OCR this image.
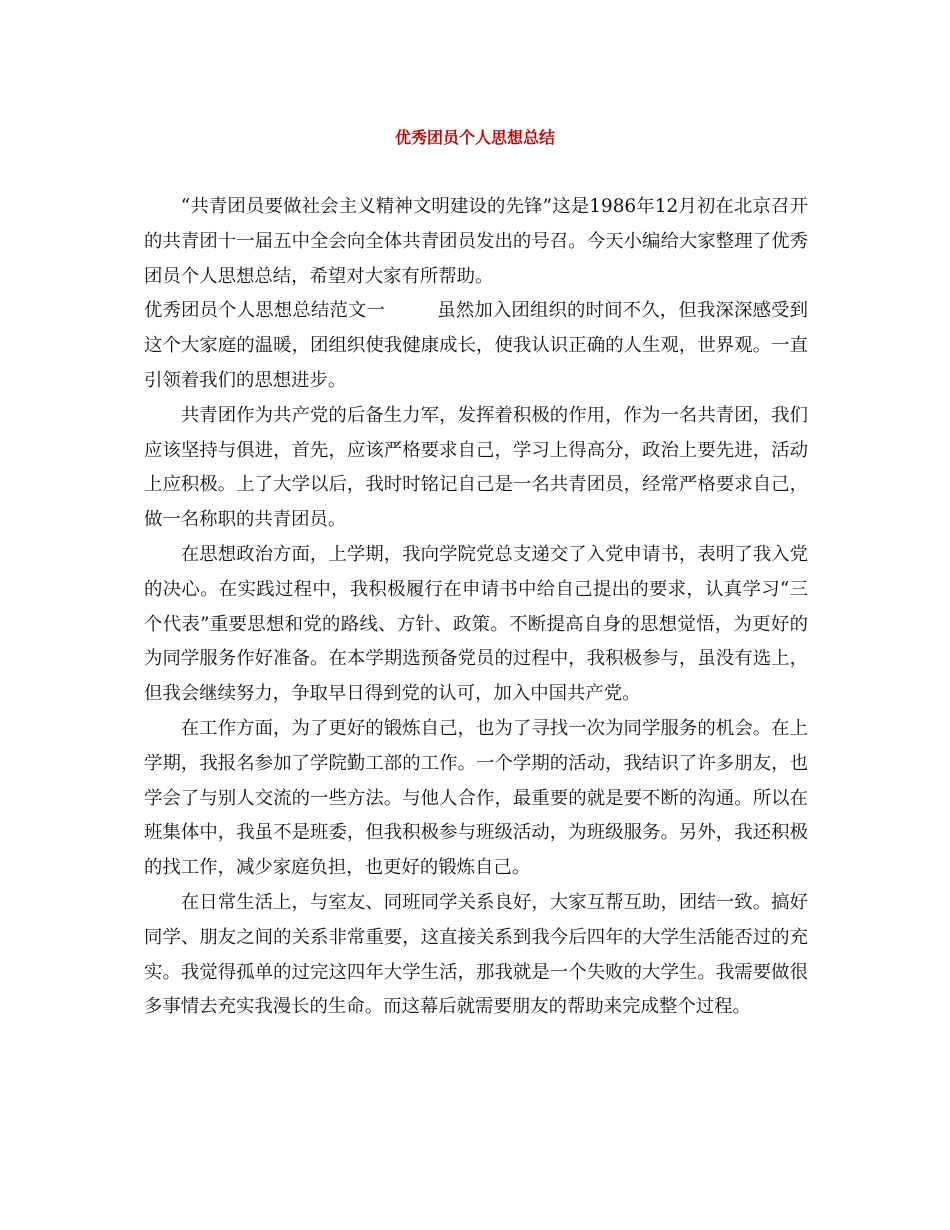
优秀团员个人思想总结

“共青团员要做社会主义精神文明建设的先锋”这是1986年12月初在北京召开的共青团十一届五中全会向全体共青团员发出的号召。今天小编给大家整理了优秀团员个人思想总结，希望对大家有所帮助。

优秀团员个人思想总结范文一	虽然加入团组织的时间不久，但我深深感受到这个大家庭的温暖，团组织使我健康成长，使我认识正确的人生观，世界观。一直引领着我们的思想进步。

共青团作为共产党的后备生力军，发挥着积极的作用，作为一名共青团，我们应该坚持与俱进，首先，应该严格要求自己，学习上得高分，政治上要先进，活动上应积极。上了大学以后，我时时铭记自己是一名共青团员，经常严格要求自己，做一名称职的共青团员。

在思想政治方面，上学期，我向学院党总支递交了入党申请书，表明了我入党的决心。在实践过程中，我积极履行在申请书中给自己提出的要求，认真学习“三个代表”重要思想和党的路线、方针、政策。不断提高自身的思想觉悟，为更好的为同学服务作好准备。在本学期选预备党员的过程中，我积极参与，虽没有选上，但我会继续努力，争取早日得到党的认可，加入中国共产党。

在工作方面，为了更好的锻炼自己，也为了寻找一次为同学服务的机会。在上学期，我报名参加了学院勤工部的工作。一个学期的活动，我结识了许多朋友，也学会了与别人交流的一些方法。与他人合作，最重要的就是要不断的沟通。所以在班集体中，我虽不是班委，但我积极参与班级活动，为班级服务。另外，我还积极的找工作，减少家庭负担，也更好的锻炼自己。

在日常生活上，与室友、同班同学关系良好，大家互帮互助，团结一致。搞好同学、朋友之间的关系非常重要，这直接关系到我今后四年的大学生活能否过的充实。我觉得孤单的过完这四年大学生活，那我就是一个失败的大学生。我需要做很多事情去充实我漫长的生命。而这幕后就需要朋友的帮助来完成整个过程。
